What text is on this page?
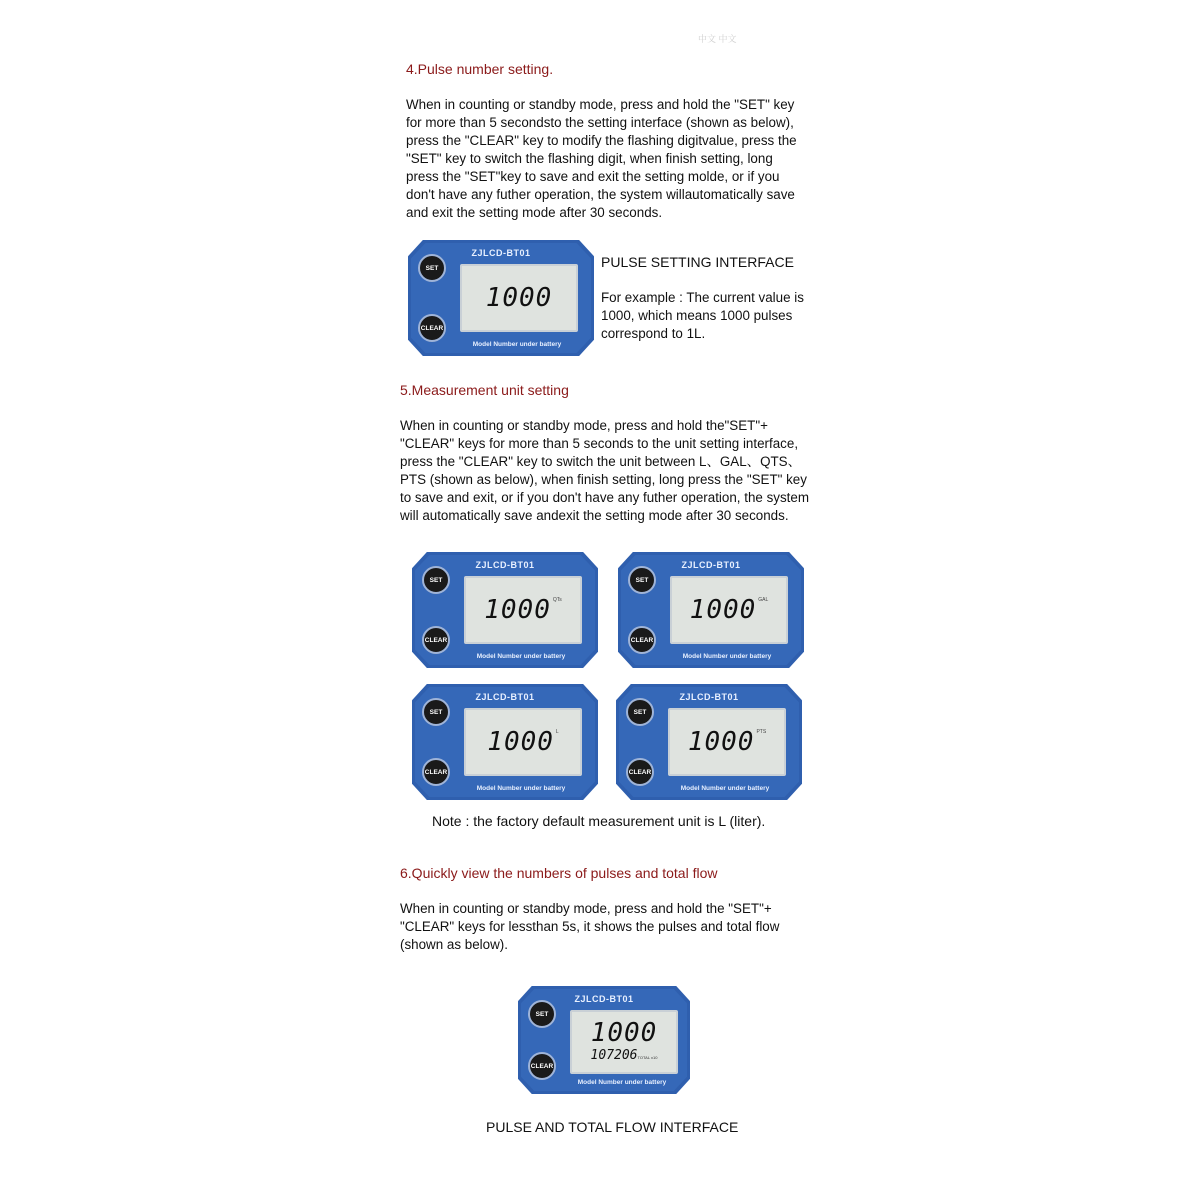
中文 中文
4.Pulse number setting.
When in counting or standby mode, press and hold the "SET" key
for more than 5 secondsto the setting interface (shown as below),
press the "CLEAR" key to modify the flashing digitvalue, press the
"SET" key to switch the flashing digit, when finish setting, long
press the "SET"key to save and exit the setting molde, or if you
don't have any futher operation, the system willautomatically save
and exit the setting mode after 30 seconds.
ZJLCD-BT01
SET
CLEAR
1000
Model Number under battery
PULSE SETTING INTERFACE
For example : The current value is
1000, which means 1000 pulses
correspond to 1L.
5.Measurement unit setting
When in counting or standby mode, press and hold the"SET"+
"CLEAR" keys for more than 5 seconds to the unit setting interface,
press the "CLEAR" key to switch the unit between L、GAL、QTS、
PTS (shown as below), when finish setting, long press the "SET" key
to save and exit, or if you don't have any futher operation, the system
will automatically save andexit the setting mode after 30 seconds.
ZJLCD-BT01
SET
CLEAR
1000 $^{QTs}$
Model Number under battery
ZJLCD-BT01
SET
CLEAR
1000 $^{GAL}$
Model Number under battery
ZJLCD-BT01
SET
CLEAR
1000 $^L$
Model Number under battery
ZJLCD-BT01
SET
CLEAR
1000 $^{PTS}$
Model Number under battery
Note : the factory default measurement unit is L (liter).
6.Quickly view the numbers of pulses and total flow
When in counting or standby mode, press and hold the "SET"+
"CLEAR" keys for lessthan 5s, it shows the pulses and total flow
(shown as below).
ZJLCD-BT01
SET
CLEAR
1000
107206TOTAL x10
Model Number under battery
PULSE AND TOTAL FLOW INTERFACE
